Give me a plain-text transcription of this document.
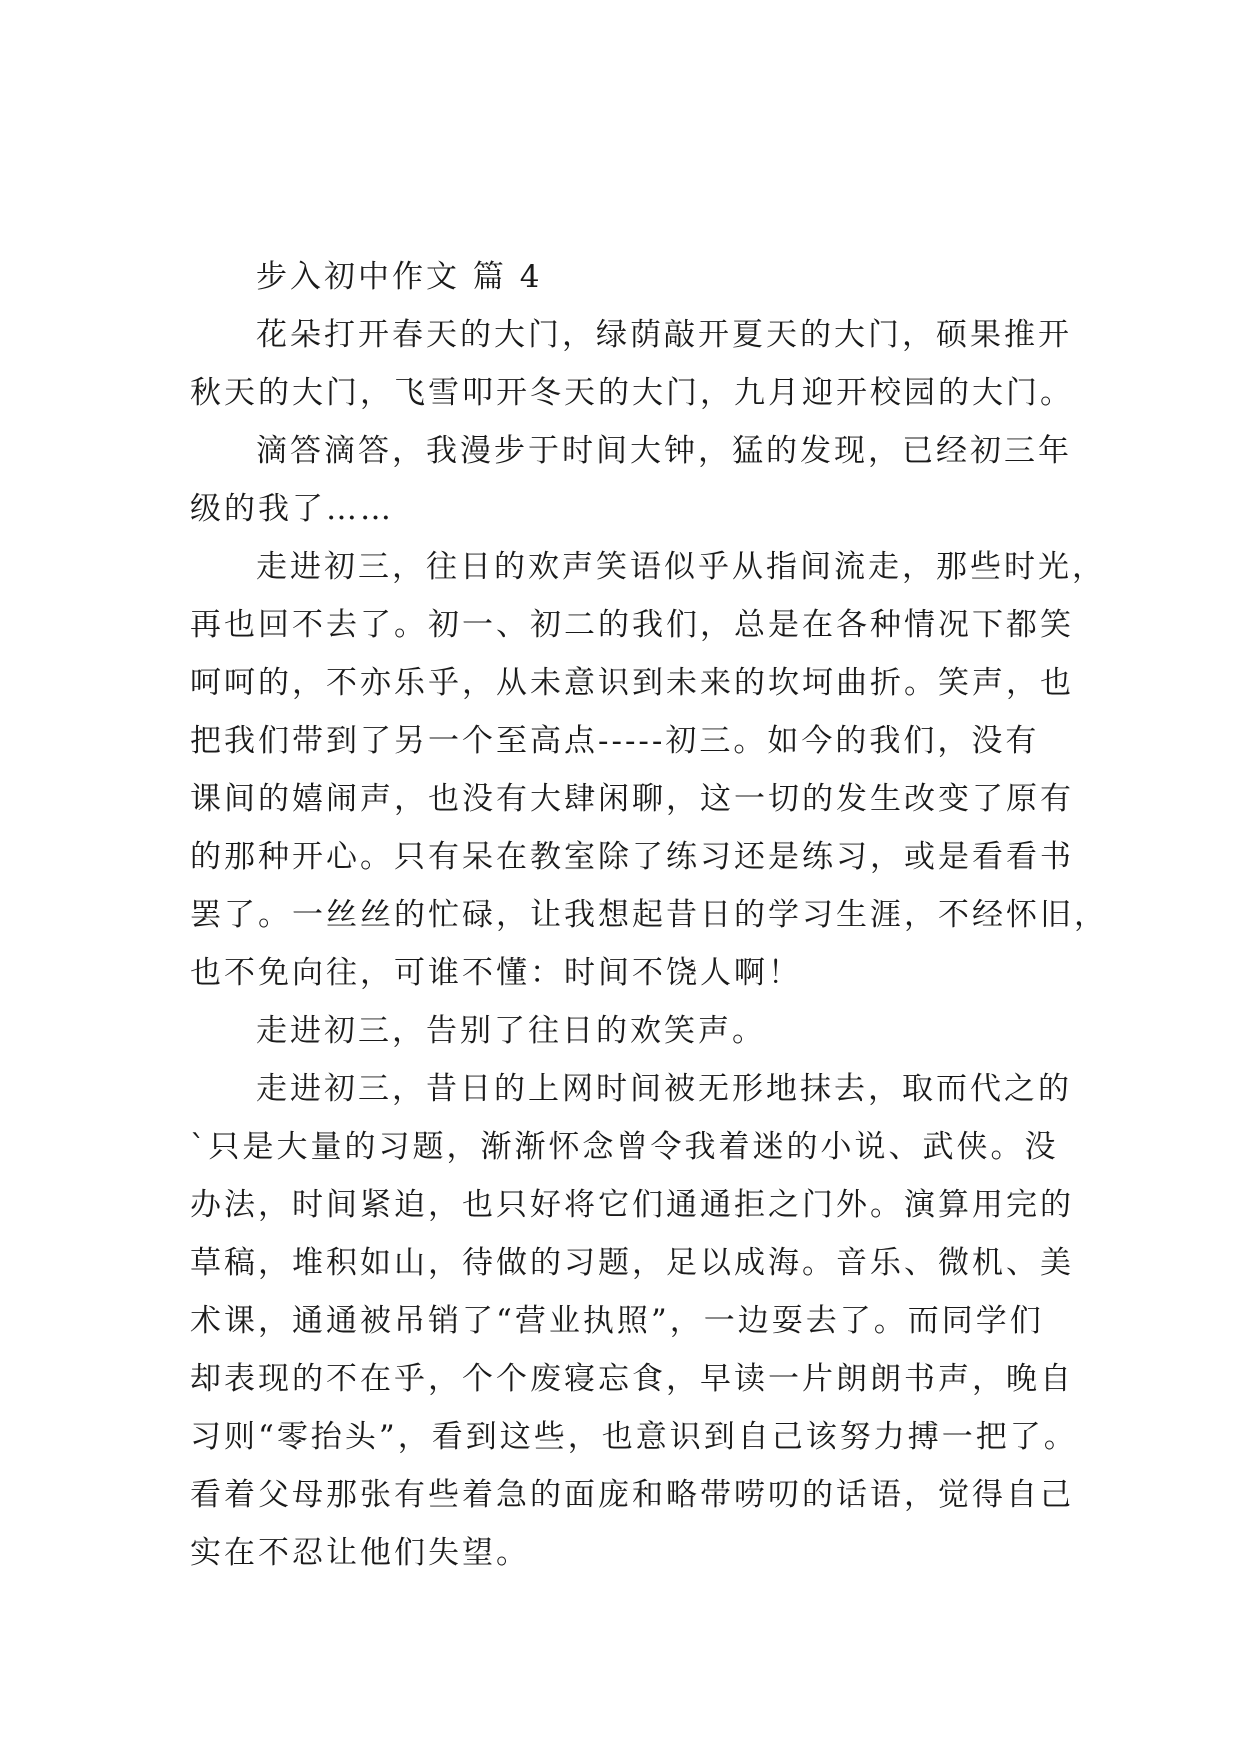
步入初中作文 篇 4
花朵打开春天的大门，绿荫敲开夏天的大门，硕果推开
秋天的大门，飞雪叩开冬天的大门，九月迎开校园的大门。
滴答滴答，我漫步于时间大钟，猛的发现，已经初三年
级的我了……
走进初三，往日的欢声笑语似乎从指间流走，那些时光，
再也回不去了。初一、初二的我们，总是在各种情况下都笑
呵呵的，不亦乐乎，从未意识到未来的坎坷曲折。笑声，也
把我们带到了另一个至高点-----初三。如今的我们，没有
课间的嬉闹声，也没有大肆闲聊，这一切的发生改变了原有
的那种开心。只有呆在教室除了练习还是练习，或是看看书
罢了。一丝丝的忙碌，让我想起昔日的学习生涯，不经怀旧，
也不免向往，可谁不懂：时间不饶人啊！
走进初三，告别了往日的欢笑声。
走进初三，昔日的上网时间被无形地抹去，取而代之的
`只是大量的习题，渐渐怀念曾令我着迷的小说、武侠。没
办法，时间紧迫，也只好将它们通通拒之门外。演算用完的
草稿，堆积如山，待做的习题，足以成海。音乐、微机、美
术课，通通被吊销了“营业执照”，一边耍去了。而同学们
却表现的不在乎，个个废寝忘食，早读一片朗朗书声，晚自
习则“零抬头”，看到这些，也意识到自己该努力搏一把了。
看着父母那张有些着急的面庞和略带唠叨的话语，觉得自己
实在不忍让他们失望。
